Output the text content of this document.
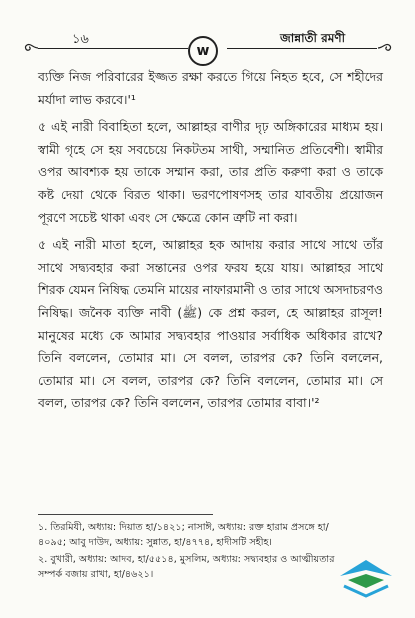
১৬	জান্নাতী রমণী
w

ব্যক্তি নিজ পরিবারের ইজ্জত রক্ষা করতে গিয়ে নিহত হবে, সে শহীদের মর্যাদা লাভ করবে।'¹

৫ এই নারী বিবাহিতা হলে, আল্লাহর বাণীর দৃঢ় অঙ্গিকারের মাধ্যম হয়। স্বামী গৃহে সে হয় সবচেয়ে নিকটতম সাথী, সম্মানিত প্রতিবেশী। স্বামীর ওপর আবশ্যক হয় তাকে সম্মান করা, তার প্রতি করুণা করা ও তাকে কষ্ট দেয়া থেকে বিরত থাকা। ভরণপোষণসহ তার যাবতীয় প্রয়োজন পূরণে সচেষ্ট থাকা এবং সে ক্ষেত্রে কোন ত্রুটি না করা।

৫ এই নারী মাতা হলে, আল্লাহর হক আদায় করার সাথে সাথে তাঁর সাথে সদ্ব্যবহার করা সন্তানের ওপর ফরয হয়ে যায়। আল্লাহর সাথে শিরক যেমন নিষিদ্ধ তেমনি মায়ের নাফারমানী ও তার সাথে অসদাচরণও নিষিদ্ধ। জনৈক ব্যক্তি নাবী (ﷺ) কে প্রশ্ন করল, হে আল্লাহর রাসূল! মানুষের মধ্যে কে আমার সদ্ব্যবহার পাওয়ার সর্বাধিক অধিকার রাখে? তিনি বললেন, তোমার মা। সে বলল, তারপর কে? তিনি বললেন, তোমার মা। সে বলল, তারপর কে? তিনি বললেন, তোমার মা। সে বলল, তারপর কে? তিনি বললেন, তারপর তোমার বাবা।'²

১. তিরমিযী, অধ্যায়: দিয়াত হা/১৪২১; নাসাঈ, অধ্যায়: রক্ত হারাম প্রসঙ্গে হা/৪০৯৫; আবু দাউদ, অধ্যায়: সুন্নাত, হা/৪৭৭৪, হাদীসটি সহীহ।
২. বুখারী, অধ্যায়: আদব, হা/৫৫১৪, মুসলিম, অধ্যায়: সদ্ব্যবহার ও আত্মীয়তার সম্পর্ক বজায় রাখা, হা/৪৬২১।
